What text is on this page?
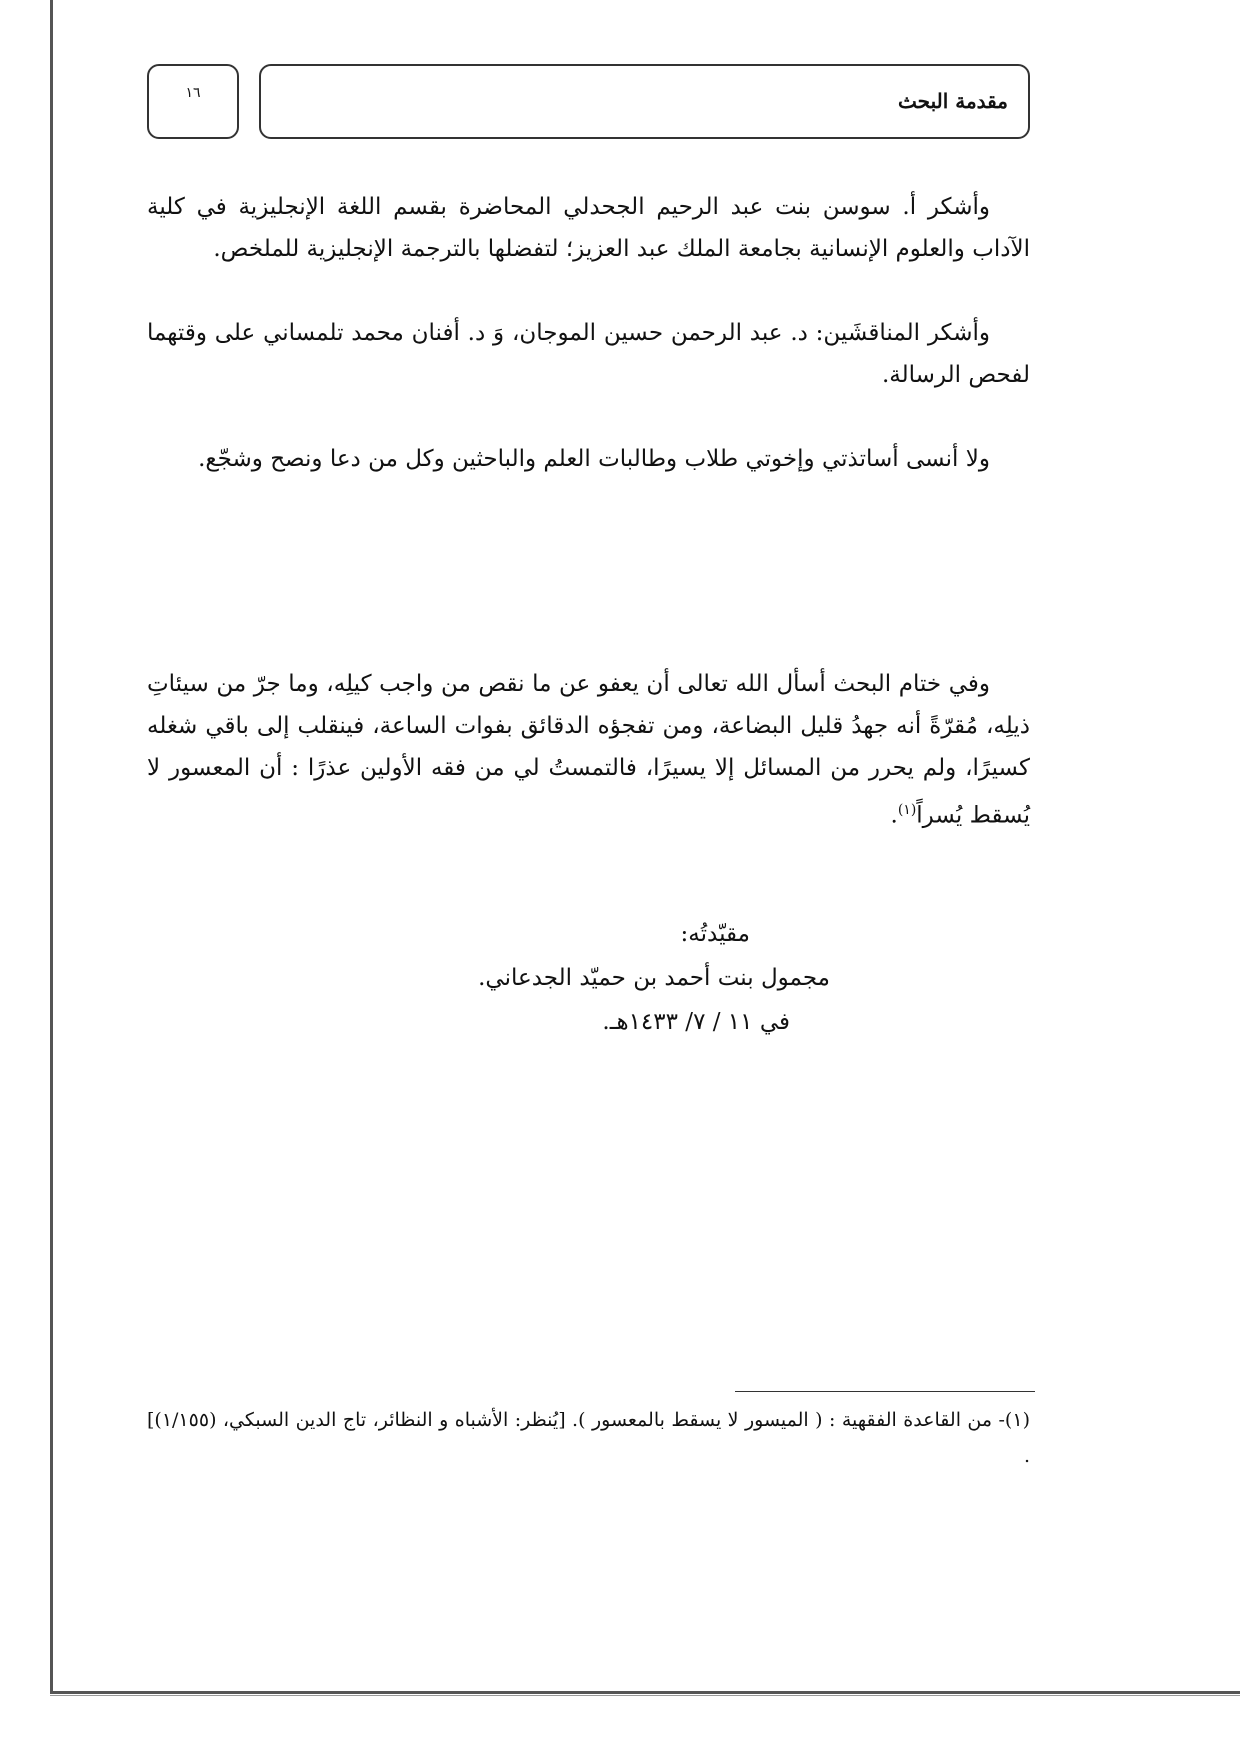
١٦	مقدمة البحث

وأشكر أ. سوسن بنت عبد الرحيم الجحدلي المحاضرة بقسم اللغة الإنجليزية في كلية الآداب والعلوم الإنسانية بجامعة الملك عبد العزيز؛ لتفضلها بالترجمة الإنجليزية للملخص.

وأشكر المناقشَين: د. عبد الرحمن حسين الموجان، وَ د. أفنان محمد تلمساني على وقتهما لفحص الرسالة.

ولا أنسى أساتذتي وإخوتي طلاب وطالبات العلم والباحثين وكل من دعا ونصح وشجّع.

وفي ختام البحث أسأل الله تعالى أن يعفو عن ما نقص من واجب كيلِه، وما جرّ من سيئاتِ ذيلِه، مُقرّةً أنه جهدُ قليل البضاعة، ومن تفجؤه الدقائق بفوات الساعة، فينقلب إلى باقي شغله كسيرًا، ولم يحرر من المسائل إلا يسيرًا، فالتمستُ لي من فقه الأولين عذرًا : أن المعسور لا يُسقط يُسراً$^{(١)}$.

مقيّدتُه:
مجمول بنت أحمد بن حميّد الجدعاني.
في ١١ / ٧/ ١٤٣٣هـ.
(١)- من القاعدة الفقهية : ( الميسور لا يسقط بالمعسور ). [يُنظر: الأشباه و النظائر، تاج الدين السبكي، (١/١٥٥)] .
